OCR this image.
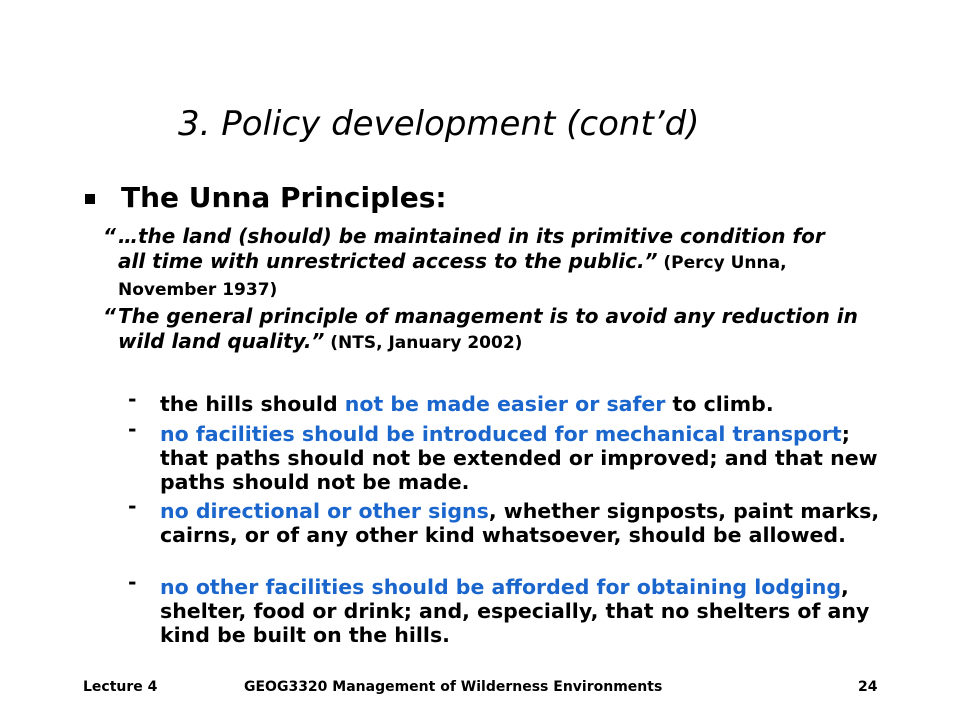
3. Policy development (cont’d)
The Unna Principles:
“ …the land (should) be maintained in its primitive condition for all time with unrestricted access to the public.” (Percy Unna, November 1937)
“ The general principle of management is to avoid any reduction in wild land quality.” (NTS, January 2002)
-	the hills should not be made easier or safer to climb.
-	no facilities should be introduced for mechanical transport; that paths should not be extended or improved; and that new paths should not be made.
-	no directional or other signs, whether signposts, paint marks, cairns, or of any other kind whatsoever, should be allowed.
-	no other facilities should be afforded for obtaining lodging, shelter, food or drink; and, especially, that no shelters of any kind be built on the hills.
Lecture 4	GEOG3320 Management of Wilderness Environments	24
